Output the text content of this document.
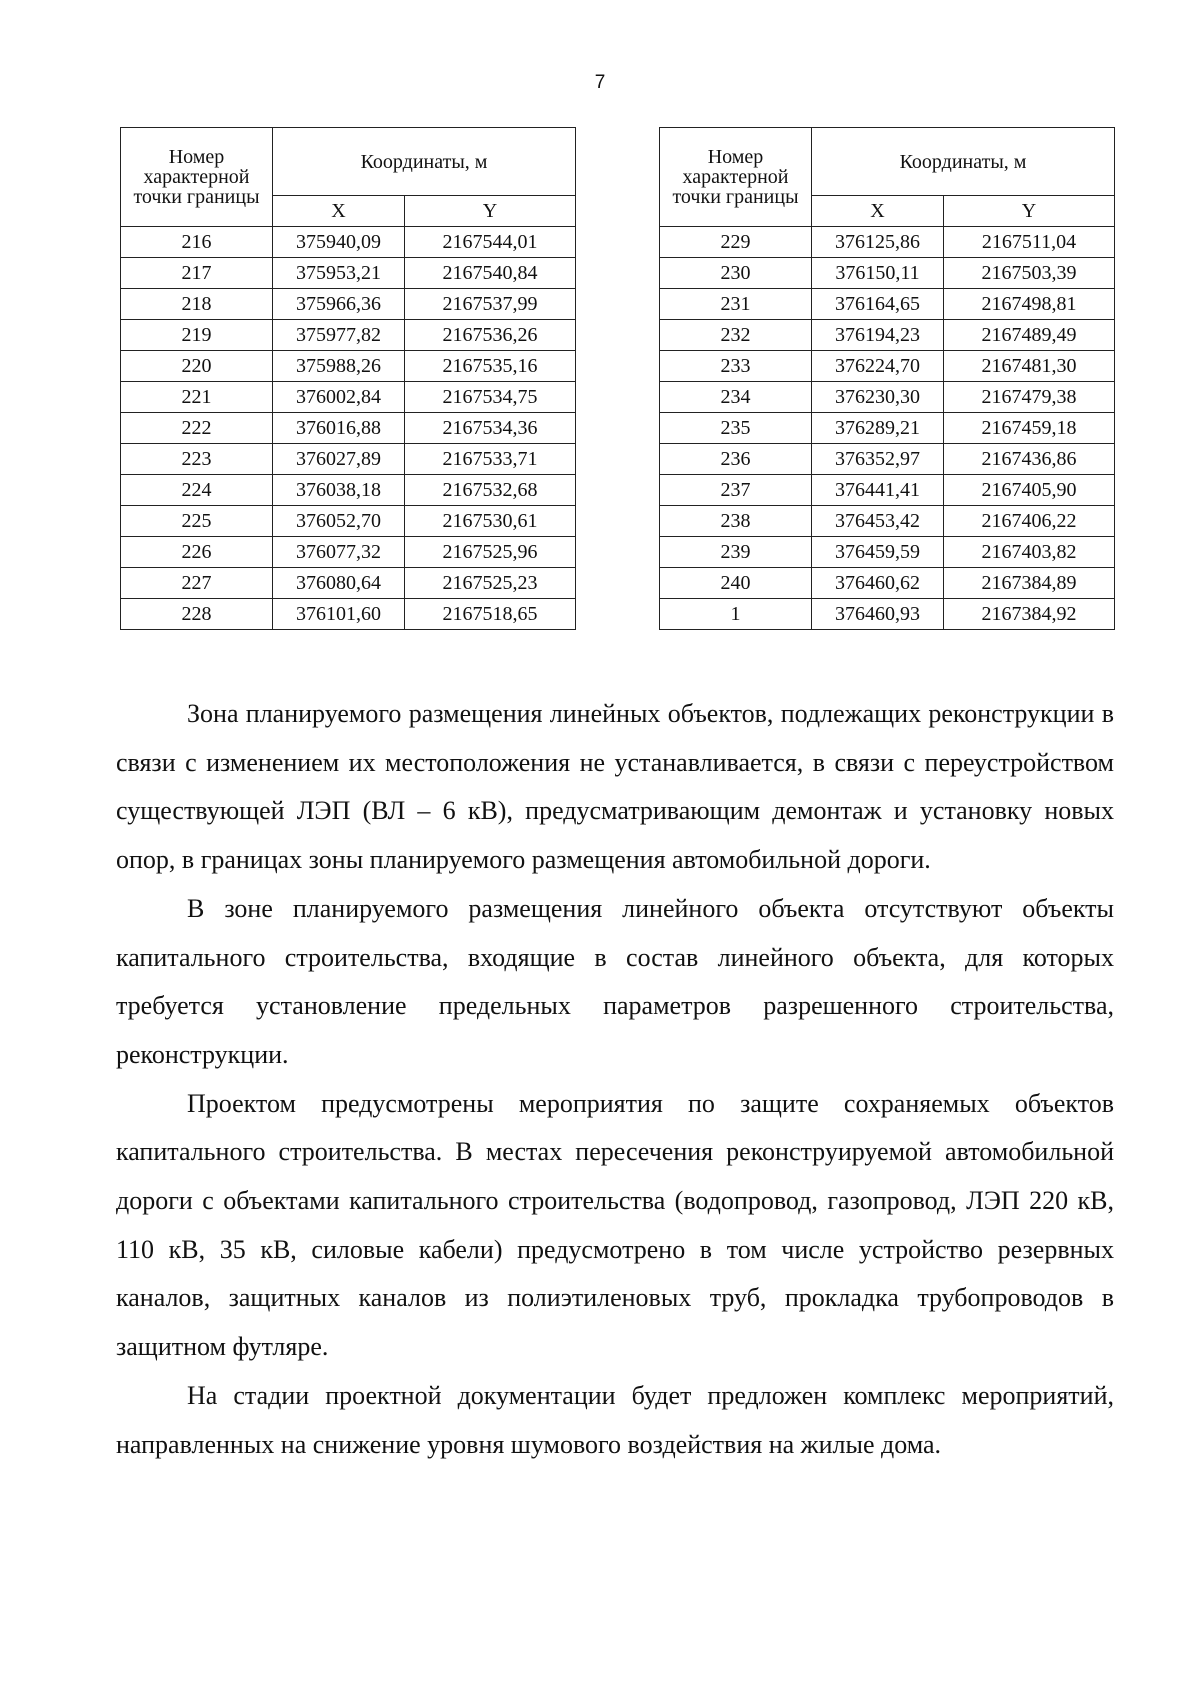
7
Номер характерной точки границы	Координаты, м	
	X	Y
216	375940,09	2167544,01
217	375953,21	2167540,84
218	375966,36	2167537,99
219	375977,82	2167536,26
220	375988,26	2167535,16
221	376002,84	2167534,75
222	376016,88	2167534,36
223	376027,89	2167533,71
224	376038,18	2167532,68
225	376052,70	2167530,61
226	376077,32	2167525,96
227	376080,64	2167525,23
228	376101,60	2167518,65
Номер характерной точки границы	Координаты, м	
	X	Y
229	376125,86	2167511,04
230	376150,11	2167503,39
231	376164,65	2167498,81
232	376194,23	2167489,49
233	376224,70	2167481,30
234	376230,30	2167479,38
235	376289,21	2167459,18
236	376352,97	2167436,86
237	376441,41	2167405,90
238	376453,42	2167406,22
239	376459,59	2167403,82
240	376460,62	2167384,89
1	376460,93	2167384,92

Зона планируемого размещения линейных объектов, подлежащих реконструкции в связи с изменением их местоположения не устанавливается, в связи с переустройством существующей ЛЭП (ВЛ – 6 кВ), предусматривающим демонтаж и установку новых опор, в границах зоны планируемого размещения автомобильной дороги.

В зоне планируемого размещения линейного объекта отсутствуют объекты капитального строительства, входящие в состав линейного объекта, для которых требуется установление предельных параметров разрешенного строительства, реконструкции.

Проектом предусмотрены мероприятия по защите сохраняемых объектов капитального строительства. В местах пересечения реконструируемой автомобильной дороги с объектами капитального строительства (водопровод, газопровод, ЛЭП 220 кВ, 110 кВ, 35 кВ, силовые кабели) предусмотрено в том числе устройство резервных каналов, защитных каналов из полиэтиленовых труб, прокладка трубопроводов в защитном футляре.

На стадии проектной документации будет предложен комплекс мероприятий, направленных на снижение уровня шумового воздействия на жилые дома.
